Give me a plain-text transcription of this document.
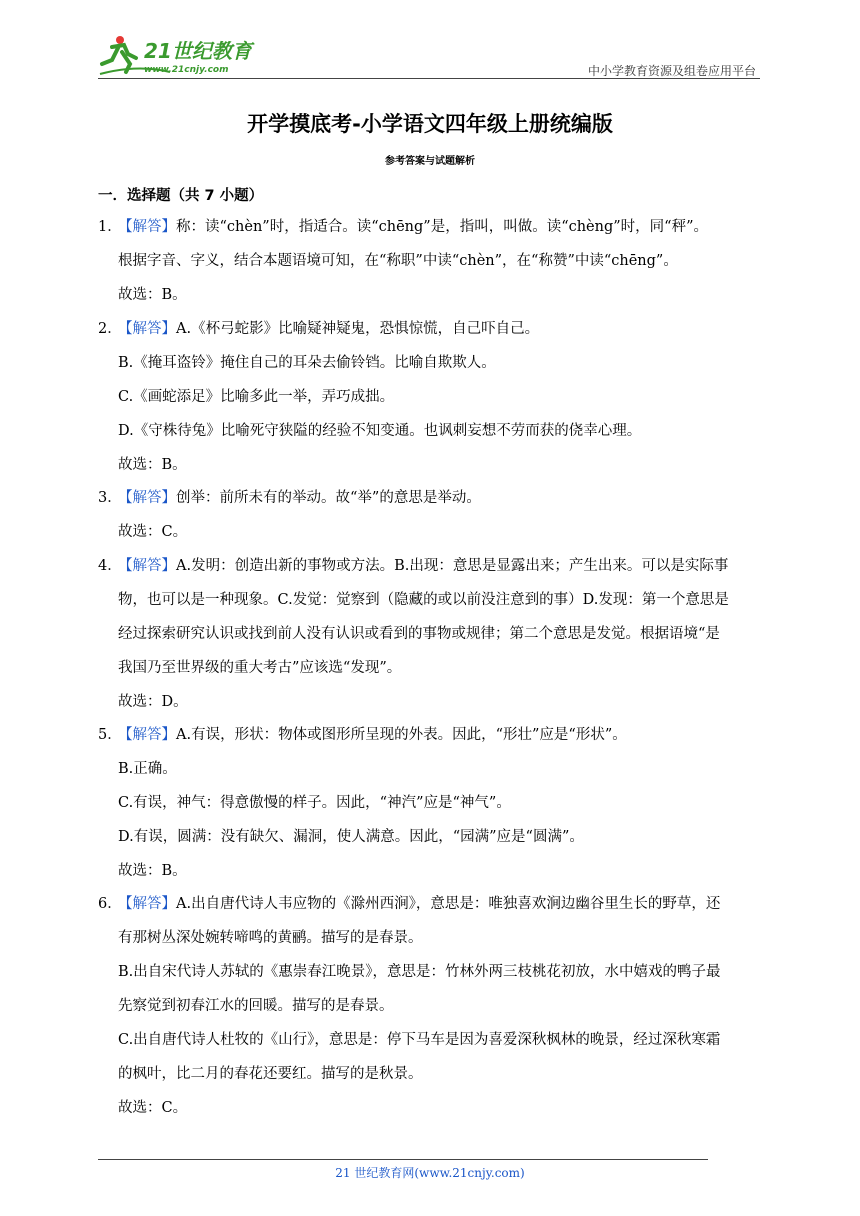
21世纪教育
www.21cnjy.com	中小学教育资源及组卷应用平台
开学摸底考-小学语文四年级上册统编版
参考答案与试题解析
一．选择题（共 7 小题）
1．

【解答】称：读“chèn”时，指适合。读“chēng”是，指叫，叫做。读“chèng”时，同“秤”。

根据字音、字义，结合本题语境可知，在“称职”中读“chèn”，在“称赞”中读“chēng”。

故选：B。

2．

【解答】A.《杯弓蛇影》比喻疑神疑鬼，恐惧惊慌，自己吓自己。

B.《掩耳盗铃》掩住自己的耳朵去偷铃铛。比喻自欺欺人。

C.《画蛇添足》比喻多此一举，弄巧成拙。

D.《守株待兔》比喻死守狭隘的经验不知变通。也讽刺妄想不劳而获的侥幸心理。

故选：B。

3．

【解答】创举：前所未有的举动。故“举”的意思是举动。

故选：C。

4．

【解答】A.发明：创造出新的事物或方法。B.出现：意思是显露出来；产生出来。可以是实际事

物，也可以是一种现象。C.发觉：觉察到（隐藏的或以前没注意到的事）D.发现：第一个意思是

经过探索研究认识或找到前人没有认识或看到的事物或规律；第二个意思是发觉。根据语境“是

我国乃至世界级的重大考古”应该选“发现”。

故选：D。

5．

【解答】A.有误，形状：物体或图形所呈现的外表。因此，“形壮”应是“形状”。

B.正确。

C.有误，神气：得意傲慢的样子。因此，“神汽”应是“神气”。

D.有误，圆满：没有缺欠、漏洞，使人满意。因此，“园满”应是“圆满”。

故选：B。

6．

【解答】A.出自唐代诗人韦应物的《滁州西涧》，意思是：唯独喜欢涧边幽谷里生长的野草，还

有那树丛深处婉转啼鸣的黄鹂。描写的是春景。

B.出自宋代诗人苏轼的《惠崇春江晚景》，意思是：竹林外两三枝桃花初放，水中嬉戏的鸭子最

先察觉到初春江水的回暖。描写的是春景。

C.出自唐代诗人杜牧的《山行》，意思是：停下马车是因为喜爱深秋枫林的晚景，经过深秋寒霜

的枫叶，比二月的春花还要红。描写的是秋景。

故选：C。

21 世纪教育网(www.21cnjy.com)
